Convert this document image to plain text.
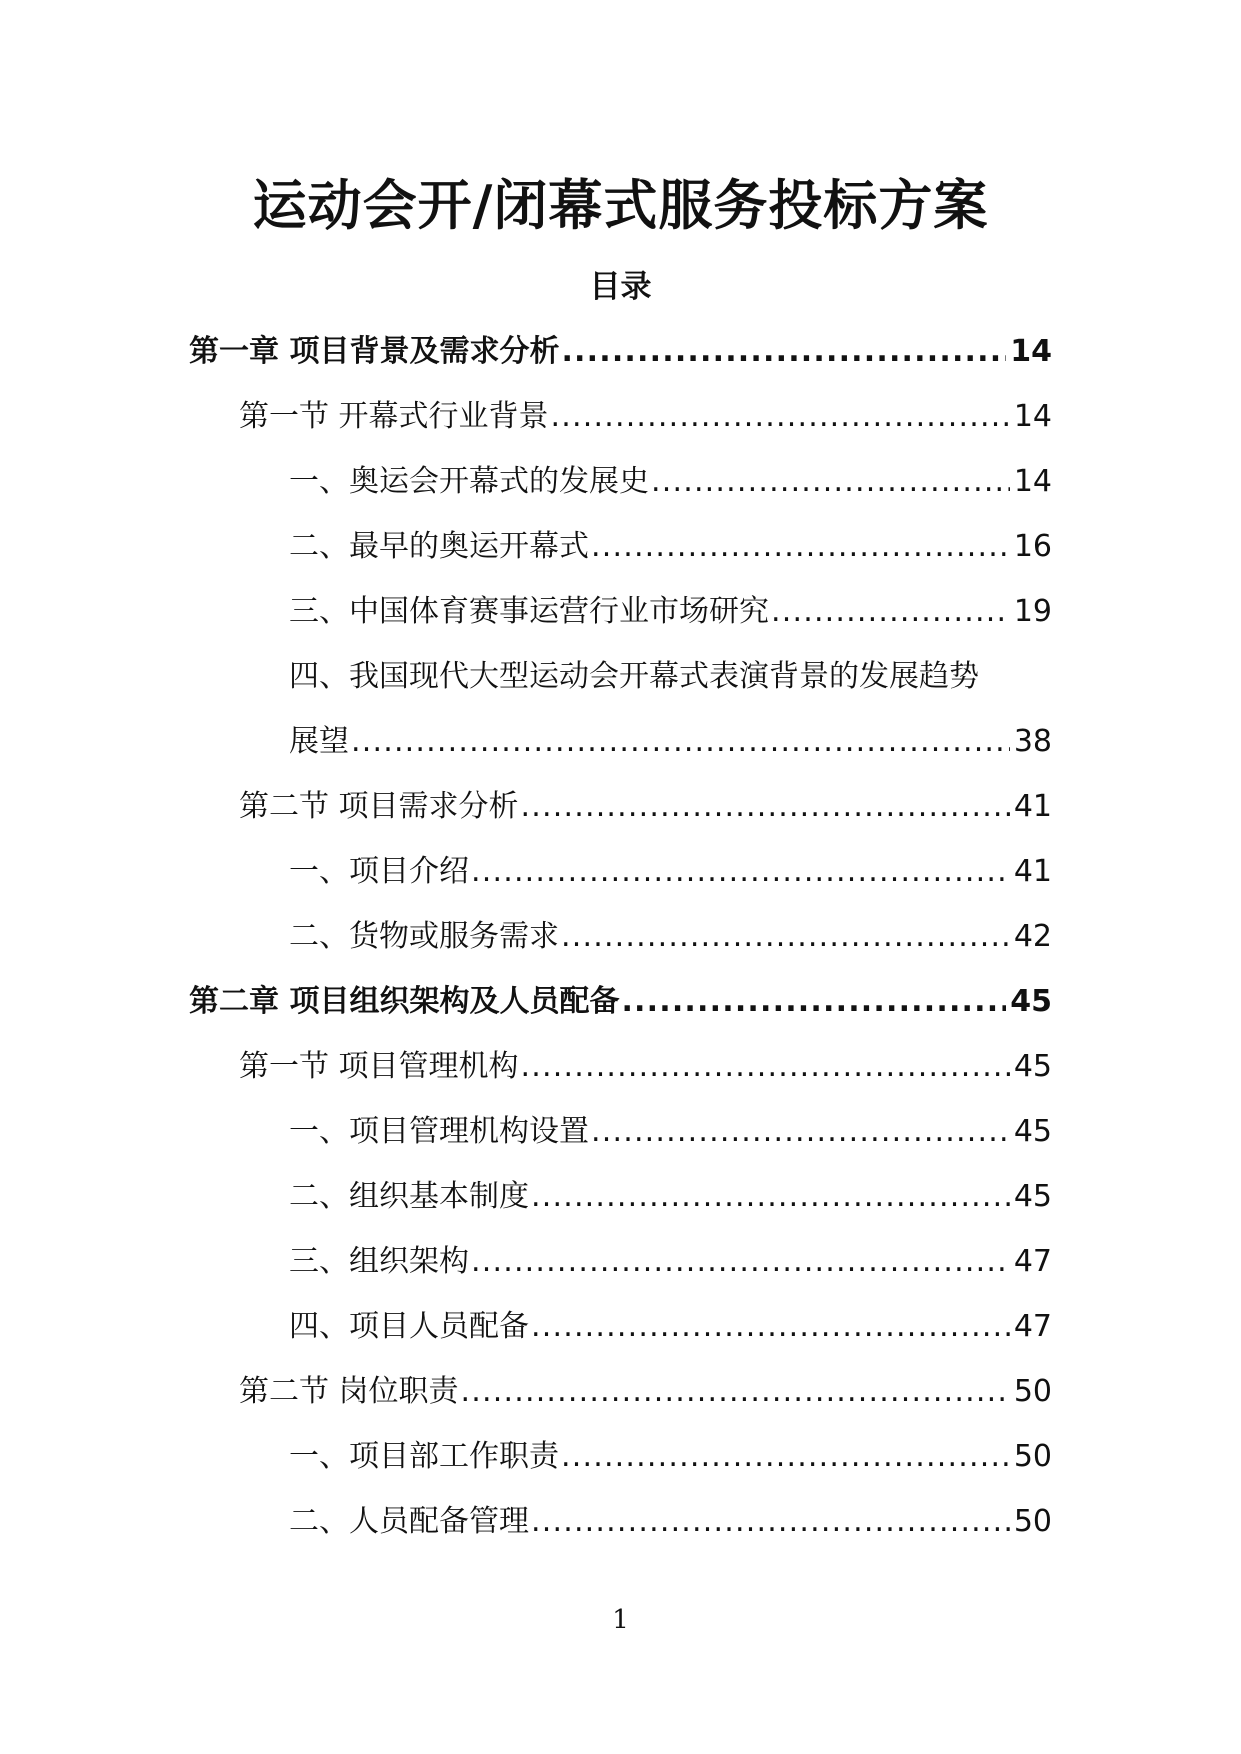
运动会开/闭幕式服务投标方案
目录
第一章 项目背景及需求分析 .....	14
第一节 开幕式行业背景 .....	14
一、奥运会开幕式的发展史 .....	14
二、最早的奥运开幕式 .....	16
三、中国体育赛事运营行业市场研究 .....	19
四、我国现代大型运动会开幕式表演背景的发展趋势
展望 .....	38
第二节 项目需求分析 .....	41
一、项目介绍 .....	41
二、货物或服务需求 .....	42
第二章 项目组织架构及人员配备 .....	45
第一节 项目管理机构 .....	45
一、项目管理机构设置 .....	45
二、组织基本制度 .....	45
三、组织架构 .....	47
四、项目人员配备 .....	47
第二节 岗位职责 .....	50
一、项目部工作职责 .....	50
二、人员配备管理 .....	50
1
